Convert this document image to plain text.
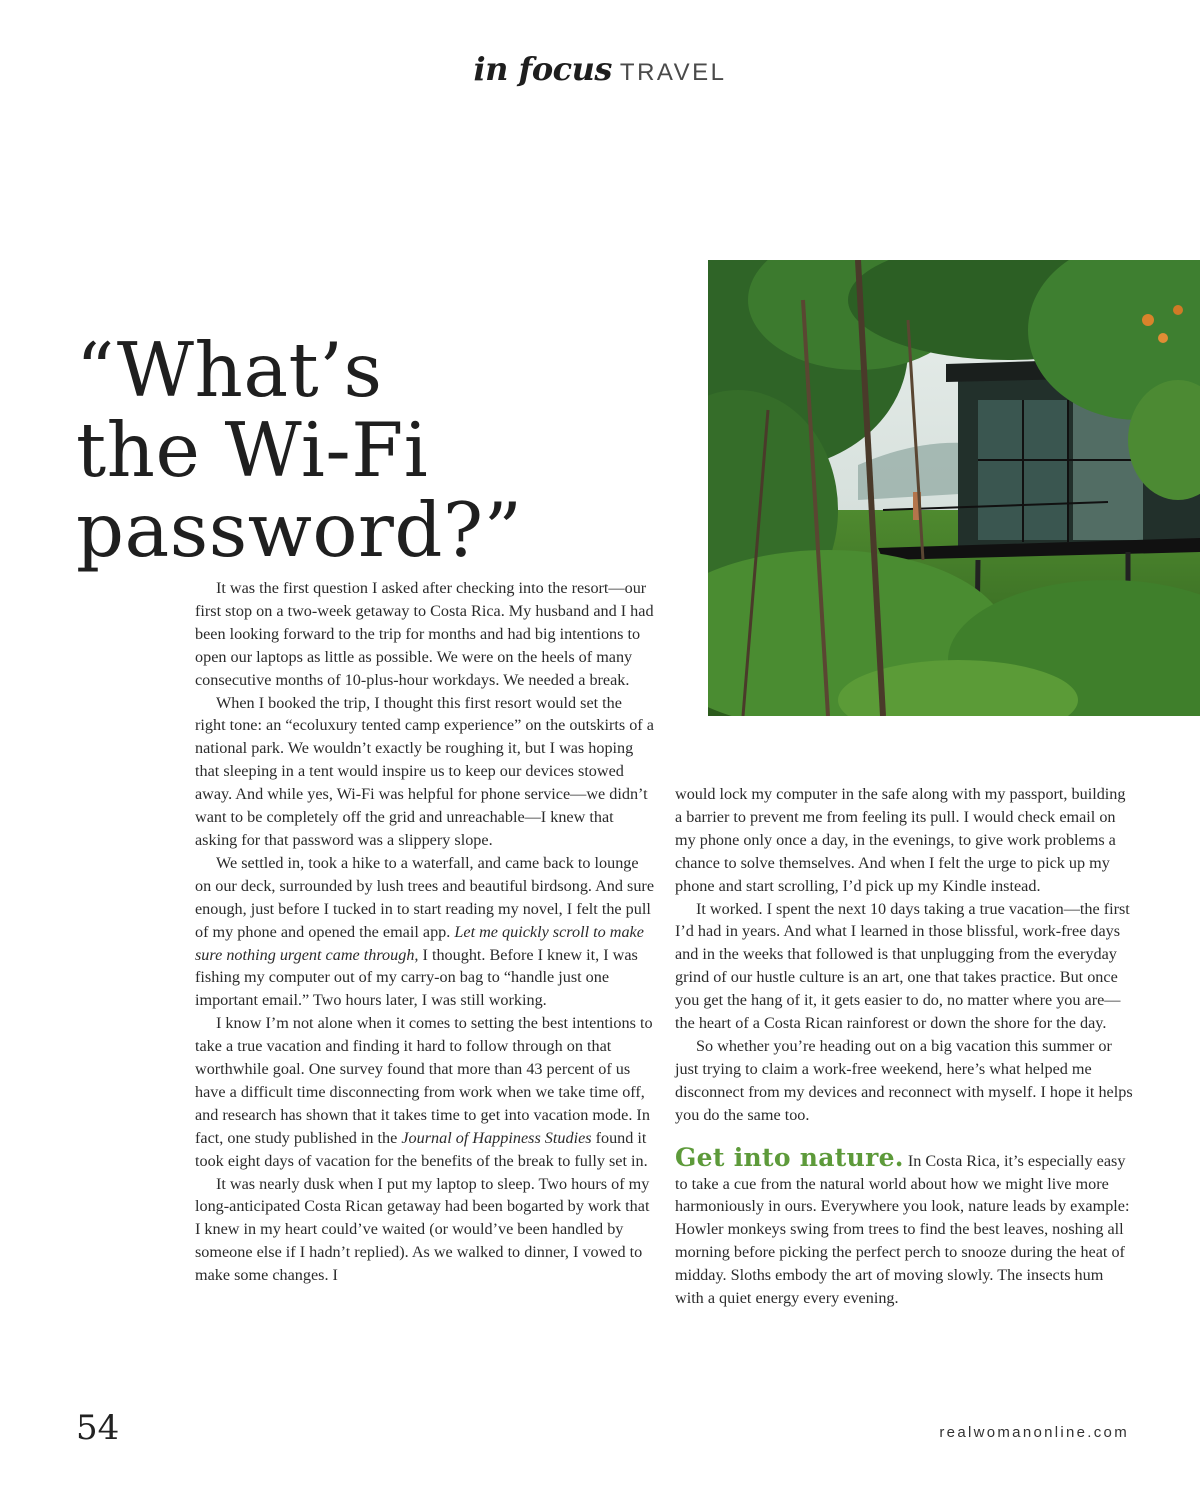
in focus TRAVEL
“What’s
the Wi-Fi
password?”

It was the first question I asked after checking into the resort—our first stop on a two-week getaway to Costa Rica. My husband and I had been looking forward to the trip for months and had big intentions to open our laptops as little as possible. We were on the heels of many consecutive months of 10-plus-hour workdays. We needed a break.

When I booked the trip, I thought this first resort would set the right tone: an “ecoluxury tented camp experience” on the outskirts of a national park. We wouldn’t exactly be roughing it, but I was hoping that sleeping in a tent would inspire us to keep our devices stowed away. And while yes, Wi-Fi was helpful for phone service—we didn’t want to be completely off the grid and unreachable—I knew that asking for that password was a slippery slope.

We settled in, took a hike to a waterfall, and came back to lounge on our deck, surrounded by lush trees and beautiful birdsong. And sure enough, just before I tucked in to start reading my novel, I felt the pull of my phone and opened the email app. Let me quickly scroll to make sure nothing urgent came through, I thought. Before I knew it, I was fishing my computer out of my carry-on bag to “handle just one important email.” Two hours later, I was still working.

I know I’m not alone when it comes to setting the best intentions to take a true vacation and finding it hard to follow through on that worthwhile goal. One survey found that more than 43 percent of us have a difficult time disconnecting from work when we take time off, and research has shown that it takes time to get into vacation mode. In fact, one study published in the Journal of Happiness Studies found it took eight days of vacation for the benefits of the break to fully set in.

It was nearly dusk when I put my laptop to sleep. Two hours of my long-anticipated Costa Rican getaway had been bogarted by work that I knew in my heart could’ve waited (or would’ve been handled by someone else if I hadn’t replied). As we walked to dinner, I vowed to make some changes. I

would lock my computer in the safe along with my passport, building a barrier to prevent me from feeling its pull. I would check email on my phone only once a day, in the evenings, to give work problems a chance to solve themselves. And when I felt the urge to pick up my phone and start scrolling, I’d pick up my Kindle instead.

It worked. I spent the next 10 days taking a true vacation—the first I’d had in years. And what I learned in those blissful, work-free days and in the weeks that followed is that unplugging from the everyday grind of our hustle culture is an art, one that takes practice. But once you get the hang of it, it gets easier to do, no matter where you are—the heart of a Costa Rican rainforest or down the shore for the day.

So whether you’re heading out on a big vacation this summer or just trying to claim a work-free weekend, here’s what helped me disconnect from my devices and reconnect with myself. I hope it helps you do the same too.

Get into nature. In Costa Rica, it’s especially easy to take a cue from the natural world about how we might live more harmoniously in ours. Everywhere you look, nature leads by example: Howler monkeys swing from trees to find the best leaves, noshing all morning before picking the perfect perch to snooze during the heat of midday. Sloths embody the art of moving slowly. The insects hum with a quiet energy every evening.

54	realwomanonline.com
